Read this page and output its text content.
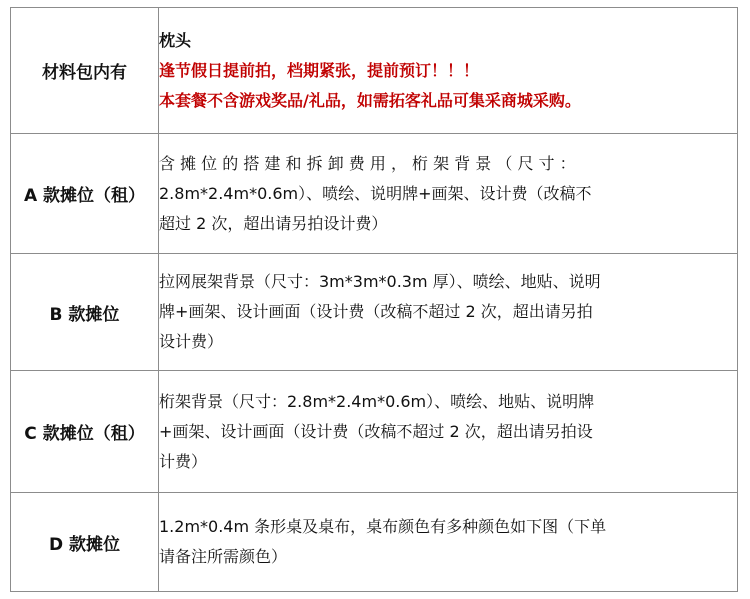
材料包内有	枕头
逢节假日提前拍，档期紧张，提前预订！！！
本套餐不含游戏奖品/礼品，如需拓客礼品可集采商城采购。

A 款摊位（租）	含 摊 位 的 搭 建 和 拆 卸 费 用 ， 桁 架 背 景 （ 尺 寸 ：
2.8m*2.4m*0.6m）、喷绘、说明牌+画架、设计费（改稿不
超过 2 次，超出请另拍设计费）

B 款摊位	拉网展架背景（尺寸：3m*3m*0.3m 厚）、喷绘、地贴、说明
牌+画架、设计画面（设计费（改稿不超过 2 次，超出请另拍
设计费）

C 款摊位（租）	桁架背景（尺寸：2.8m*2.4m*0.6m）、喷绘、地贴、说明牌
+画架、设计画面（设计费（改稿不超过 2 次，超出请另拍设
计费）

D 款摊位	1.2m*0.4m 条形桌及桌布，桌布颜色有多种颜色如下图（下单
请备注所需颜色）
